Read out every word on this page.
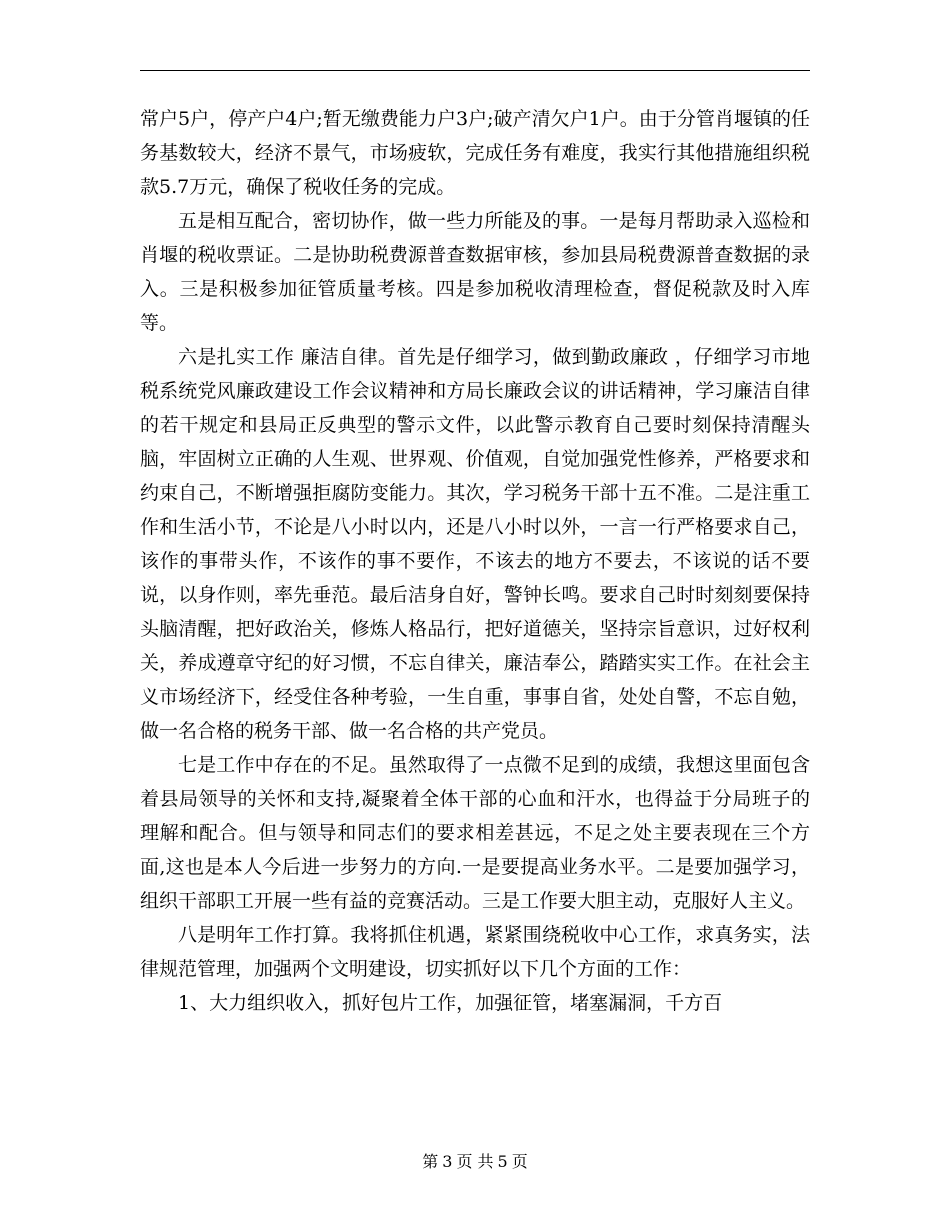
常户5户，停产户4户;暂无缴费能力户3户;破产清欠户1户。由于分管肖堰镇的任务基数较大，经济不景气，市场疲软，完成任务有难度，我实行其他措施组织税款5.7万元，确保了税收任务的完成。

五是相互配合，密切协作，做一些力所能及的事。一是每月帮助录入巡检和肖堰的税收票证。二是协助税费源普查数据审核，参加县局税费源普查数据的录入。三是积极参加征管质量考核。四是参加税收清理检查，督促税款及时入库等。

六是扎实工作 廉洁自律。首先是仔细学习，做到勤政廉政 ，仔细学习市地税系统党风廉政建设工作会议精神和方局长廉政会议的讲话精神，学习廉洁自律的若干规定和县局正反典型的警示文件，以此警示教育自己要时刻保持清醒头脑，牢固树立正确的人生观、世界观、价值观，自觉加强党性修养，严格要求和约束自己，不断增强拒腐防变能力。其次，学习税务干部十五不准。二是注重工作和生活小节，不论是八小时以内，还是八小时以外，一言一行严格要求自己，该作的事带头作，不该作的事不要作，不该去的地方不要去，不该说的话不要说，以身作则，率先垂范。最后洁身自好，警钟长鸣。要求自己时时刻刻要保持头脑清醒，把好政治关，修炼人格品行，把好道德关，坚持宗旨意识，过好权利关，养成遵章守纪的好习惯，不忘自律关，廉洁奉公，踏踏实实工作。在社会主义市场经济下，经受住各种考验，一生自重，事事自省，处处自警，不忘自勉，做一名合格的税务干部、做一名合格的共产党员。

七是工作中存在的不足。虽然取得了一点微不足到的成绩，我想这里面包含着县局领导的关怀和支持,凝聚着全体干部的心血和汗水，也得益于分局班子的理解和配合。但与领导和同志们的要求相差甚远，不足之处主要表现在三个方面,这也是本人今后进一步努力的方向.一是要提高业务水平。二是要加强学习，组织干部职工开展一些有益的竞赛活动。三是工作要大胆主动，克服好人主义。

八是明年工作打算。我将抓住机遇，紧紧围绕税收中心工作，求真务实，法律规范管理，加强两个文明建设，切实抓好以下几个方面的工作：

1、大力组织收入，抓好包片工作，加强征管，堵塞漏洞，千方百

第 3 页 共 5 页
